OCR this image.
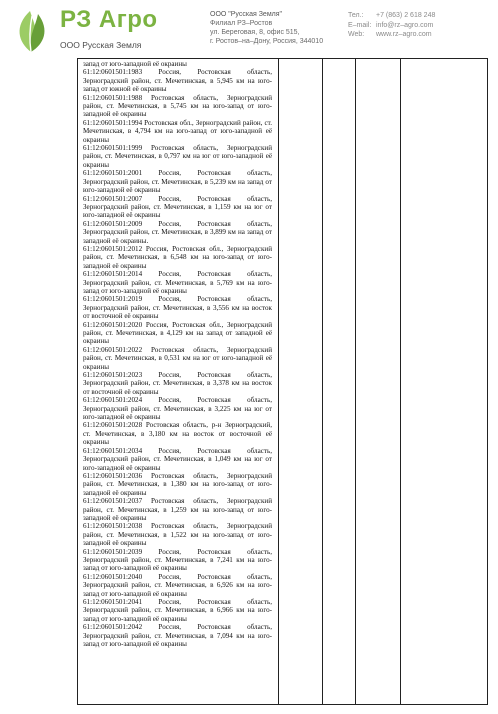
РЗ Агро
ООО Русская Земля
ООО "Русская Земля"
Филиал РЗ–Ростов
ул. Береговая, 8, офис 515,
г. Ростов–на–Дону, Россия, 344010
Тел.:	+7 (863) 2 618 248
E–mail: info@rz–agro.com
Web:	www.rz–agro.com

запад от юго-западной её окраины

61:12:0601501:1983 Россия, Ростовская область, Зерноградский район, ст. Мечетинская, в 5,945 км на юго-запад от южной её окраины

61:12:0601501:1988 Ростовская область, Зерноградский район, ст. Мечетинская, в 5,745 км на юго-запад от юго-западной её окраины

61:12:0601501:1994 Ростовская обл., Зерноградский район, ст. Мечетинская, в 4,794 км на юго-запад от юго-западной её окраины

61:12:0601501:1999 Ростовская область, Зерноградский район, ст. Мечетинская, в 0,797 км на юг от юго-западной её окраины

61:12:0601501:2001 Россия, Ростовская область, Зерноградский район, ст. Мечетинская, в 5,239 км на запад от юго-западной её окраины

61:12:0601501:2007 Россия, Ростовская область, Зерноградский район, ст. Мечетинская, в 1,159 км на юг от юго-западной её окраины

61:12:0601501:2009 Россия, Ростовская область, Зерноградский район, ст. Мечетинская, в 3,899 км на запад от западной её окраины.

61:12:0601501:2012 Россия, Ростовская обл., Зерноградский район, ст. Мечетинская, в 6,548 км на юго-запад от юго-западной её окраины

61:12:0601501:2014 Россия, Ростовская область, Зерноградский район, ст. Мечетинская, в 5,769 км на юго-запад от юго-западной её окраины

61:12:0601501:2019 Россия, Ростовская область, Зерноградский район, ст. Мечетинская, в 3,556 км на восток от восточной её окраины

61:12:0601501:2020 Россия, Ростовская обл., Зерноградский район, ст. Мечетинская, в 4,129 км на запад от западной её окраины

61:12:0601501:2022 Ростовская область, Зерноградский район, ст. Мечетинская, в 0,531 км на юг от юго-западной её окраины

61:12:0601501:2023 Россия, Ростовская область, Зерноградский район, ст. Мечетинская, в 3,378 км на восток от восточной её окраины

61:12:0601501:2024 Россия, Ростовская область, Зерноградский район, ст. Мечетинская, в 3,225 км на юг от юго-западной её окраины

61:12:0601501:2028 Ростовская область, р-н Зерноградский, ст. Мечетинская, в 3,180 км на восток от восточной её окраины

61:12:0601501:2034 Россия, Ростовская область, Зерноградский район, ст. Мечетинская, в 1,049 км на юг от юго-западной её окраины

61:12:0601501:2036 Ростовская область, Зерноградский район, ст. Мечетинская, в 1,380 км на юго-запад от юго-западной её окраины

61:12:0601501:2037 Ростовская область, Зерноградский район, ст. Мечетинская, в 1,259 км на юго-запад от юго-западной её окраины

61:12:0601501:2038 Ростовская область, Зерноградский район, ст. Мечетинская, в 1,522 км на юго-запад от юго-западной её окраины

61:12:0601501:2039 Россия, Ростовская область, Зерноградский район, ст. Мечетинская, в 7,241 км на юго-запад от юго-западной её окраины

61:12:0601501:2040 Россия, Ростовская область, Зерноградский район, ст. Мечетинская, в 6,926 км на юго-запад от юго-западной её окраины

61:12:0601501:2041 Россия, Ростовская область, Зерноградский район, ст. Мечетинская, в 6,966 км на юго-запад от юго-западной её окраины

61:12:0601501:2042 Россия, Ростовская область, Зерноградский район, ст. Мечетинская, в 7,094 км на юго-запад от юго-западной её окраины
